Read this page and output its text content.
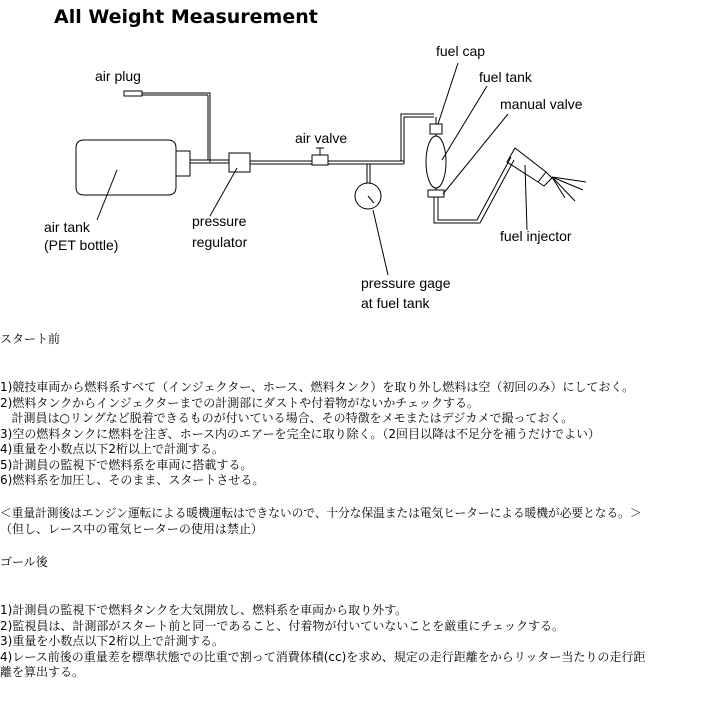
All Weight Measurement
air plug
fuel cap
fuel tank
manual valve
air valve
air tank
(PET bottle)
pressure
regulator	fuel injector
pressure gage
at fuel tank
スタート前
1)競技車両から燃料系すべて（インジェクター、ホース、燃料タンク）を取り外し燃料は空（初回のみ）にしておく。
2)燃料タンクからインジェクターまでの計測部にダストや付着物がないかチェックする。
計測員は○リングなど脱着できるものが付いている場合、その特徴をメモまたはデジカメで撮っておく。
3)空の燃料タンクに燃料を注ぎ、ホース内のエアーを完全に取り除く。（2回目以降は不足分を補うだけでよい）
4)重量を小数点以下2桁以上で計測する。
5)計測員の監視下で燃料系を車両に搭載する。
6)燃料系を加圧し、そのまま、スタートさせる。
＜重量計測後はエンジン運転による暖機運転はできないので、十分な保温または電気ヒーターによる暖機が必要となる。＞
（但し、レース中の電気ヒーターの使用は禁止）
ゴール後
1)計測員の監視下で燃料タンクを大気開放し、燃料系を車両から取り外す。
2)監視員は、計測部がスタート前と同一であること、付着物が付いていないことを厳重にチェックする。
3)重量を小数点以下2桁以上で計測する。
4)レース前後の重量差を標準状態での比重で割って消費体積(cc)を求め、規定の走行距離をからリッター当たりの走行距
離を算出する。
